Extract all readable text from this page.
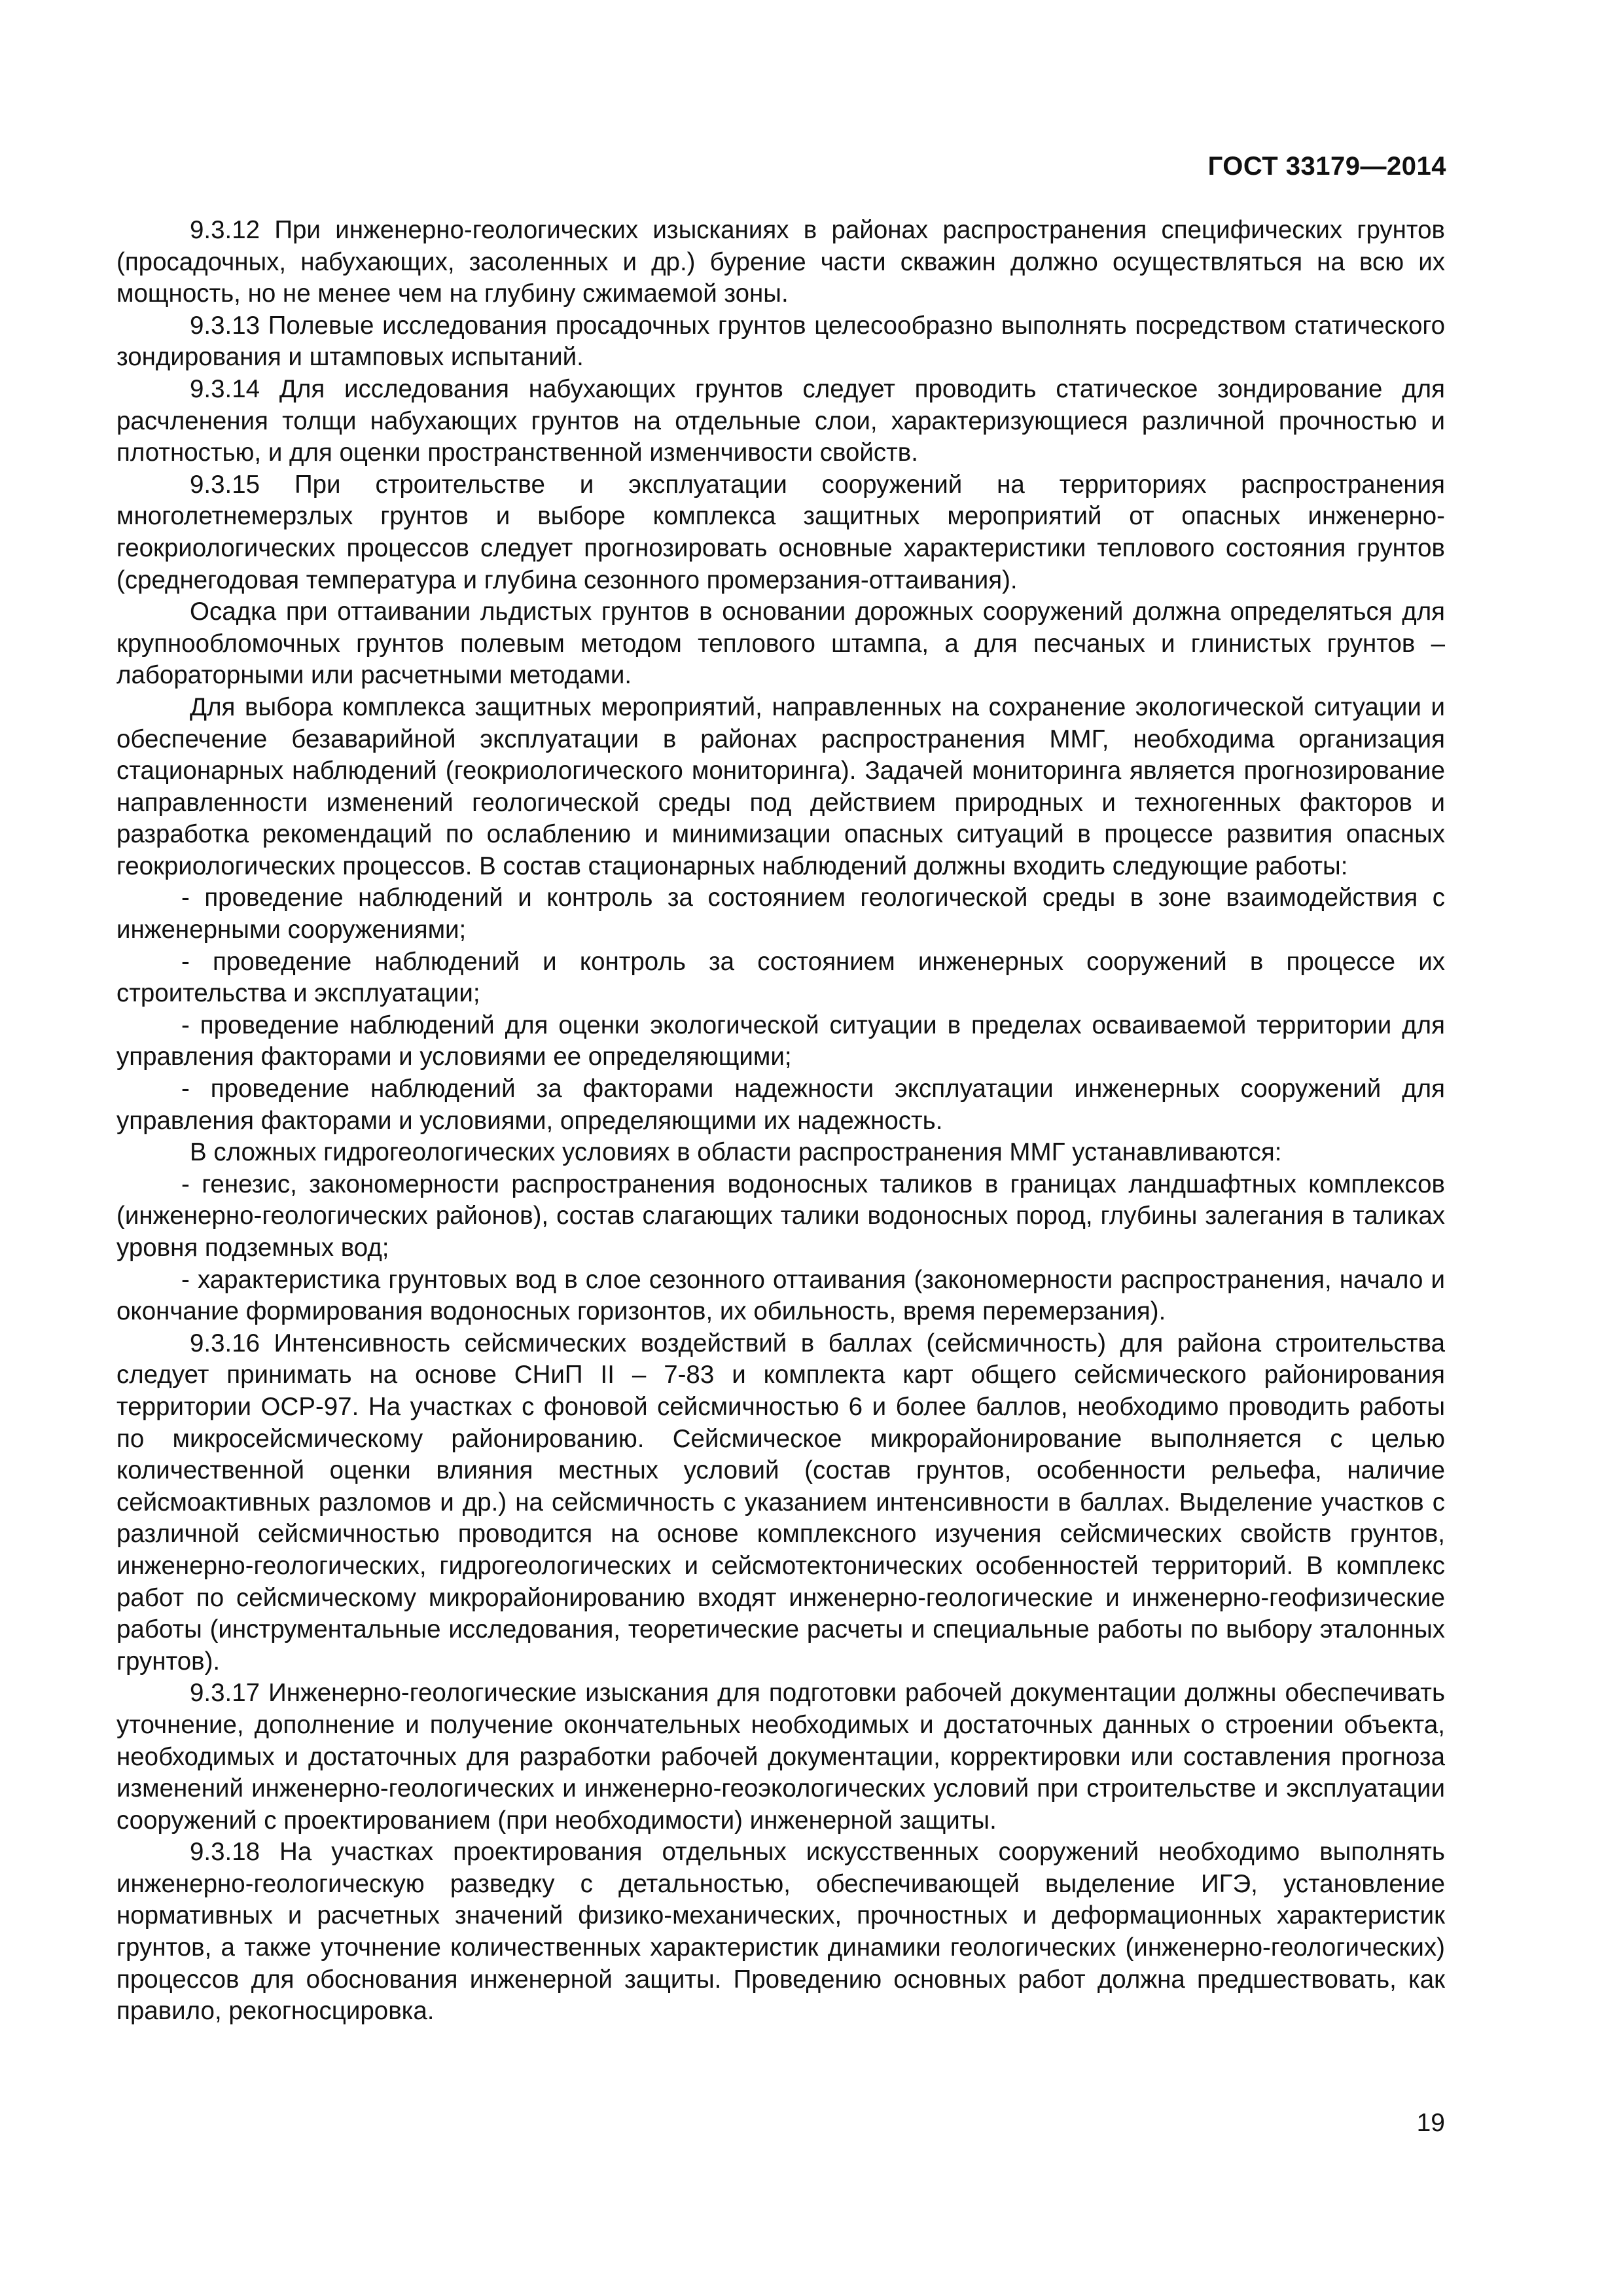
ГОСТ 33179—2014

9.3.12 При инженерно-геологических изысканиях в районах распространения специфических грунтов (просадочных, набухающих, засоленных и др.) бурение части скважин должно осуществляться на всю их мощность, но не менее чем на глубину сжимаемой зоны.

9.3.13 Полевые исследования просадочных грунтов целесообразно выполнять посредством статического зондирования и штамповых испытаний.

9.3.14 Для исследования набухающих грунтов следует проводить статическое зондирование для расчленения толщи набухающих грунтов на отдельные слои, характеризующиеся различной прочностью и плотностью, и для оценки пространственной изменчивости свойств.

9.3.15 При строительстве и эксплуатации сооружений на территориях распространения многолетнемерзлых грунтов и выборе комплекса защитных мероприятий от опасных инженерно-геокриологических процессов следует прогнозировать основные характеристики теплового состояния грунтов (среднегодовая температура и глубина сезонного промерзания-оттаивания).

Осадка при оттаивании льдистых грунтов в основании дорожных сооружений должна определяться для крупнообломочных грунтов полевым методом теплового штампа, а для песчаных и глинистых грунтов – лабораторными или расчетными методами.

Для выбора комплекса защитных мероприятий, направленных на сохранение экологической ситуации и обеспечение безаварийной эксплуатации в районах распространения ММГ, необходима организация стационарных наблюдений (геокриологического мониторинга). Задачей мониторинга является прогнозирование направленности изменений геологической среды под действием природных и техногенных факторов и разработка рекомендаций по ослаблению и минимизации опасных ситуаций в процессе развития опасных геокриологических процессов. В состав стационарных наблюдений должны входить следующие работы:

- проведение наблюдений и контроль за состоянием геологической среды в зоне взаимодействия с инженерными сооружениями;

- проведение наблюдений и контроль за состоянием инженерных сооружений в процессе их строительства и эксплуатации;

- проведение наблюдений для оценки экологической ситуации в пределах осваиваемой территории для управления факторами и условиями ее определяющими;

- проведение наблюдений за факторами надежности эксплуатации инженерных сооружений для управления факторами и условиями, определяющими их надежность.

В сложных гидрогеологических условиях в области распространения ММГ устанавливаются:

- генезис, закономерности распространения водоносных таликов в границах ландшафтных комплексов (инженерно-геологических районов), состав слагающих талики водоносных пород, глубины залегания в таликах уровня подземных вод;

- характеристика грунтовых вод в слое сезонного оттаивания (закономерности распространения, начало и окончание формирования водоносных горизонтов, их обильность, время перемерзания).

9.3.16 Интенсивность сейсмических воздействий в баллах (сейсмичность) для района строительства следует принимать на основе СНиП II – 7-83 и комплекта карт общего сейсмического районирования территории ОСР-97. На участках с фоновой сейсмичностью 6 и более баллов, необходимо проводить работы по микросейсмическому районированию. Сейсмическое микрорайонирование выполняется с целью количественной оценки влияния местных условий (состав грунтов, особенности рельефа, наличие сейсмоактивных разломов и др.) на сейсмичность с указанием интенсивности в баллах. Выделение участков с различной сейсмичностью проводится на основе комплексного изучения сейсмических свойств грунтов, инженерно-геологических, гидрогеологических и сейсмотектонических особенностей территорий. В комплекс работ по сейсмическому микрорайонированию входят инженерно-геологические и инженерно-геофизические работы (инструментальные исследования, теоретические расчеты и специальные работы по выбору эталонных грунтов).

9.3.17 Инженерно-геологические изыскания для подготовки рабочей документации должны обеспечивать уточнение, дополнение и получение окончательных необходимых и достаточных данных о строении объекта, необходимых и достаточных для разработки рабочей документации, корректировки или составления прогноза изменений инженерно-геологических и инженерно-геоэкологических условий при строительстве и эксплуатации сооружений с проектированием (при необходимости) инженерной защиты.

9.3.18 На участках проектирования отдельных искусственных сооружений необходимо выполнять инженерно-геологическую разведку с детальностью, обеспечивающей выделение ИГЭ, установление нормативных и расчетных значений физико-механических, прочностных и деформационных характеристик грунтов, а также уточнение количественных характеристик динамики геологических (инженерно-геологических) процессов для обоснования инженерной защиты. Проведению основных работ должна предшествовать, как правило, рекогносцировка.

19
